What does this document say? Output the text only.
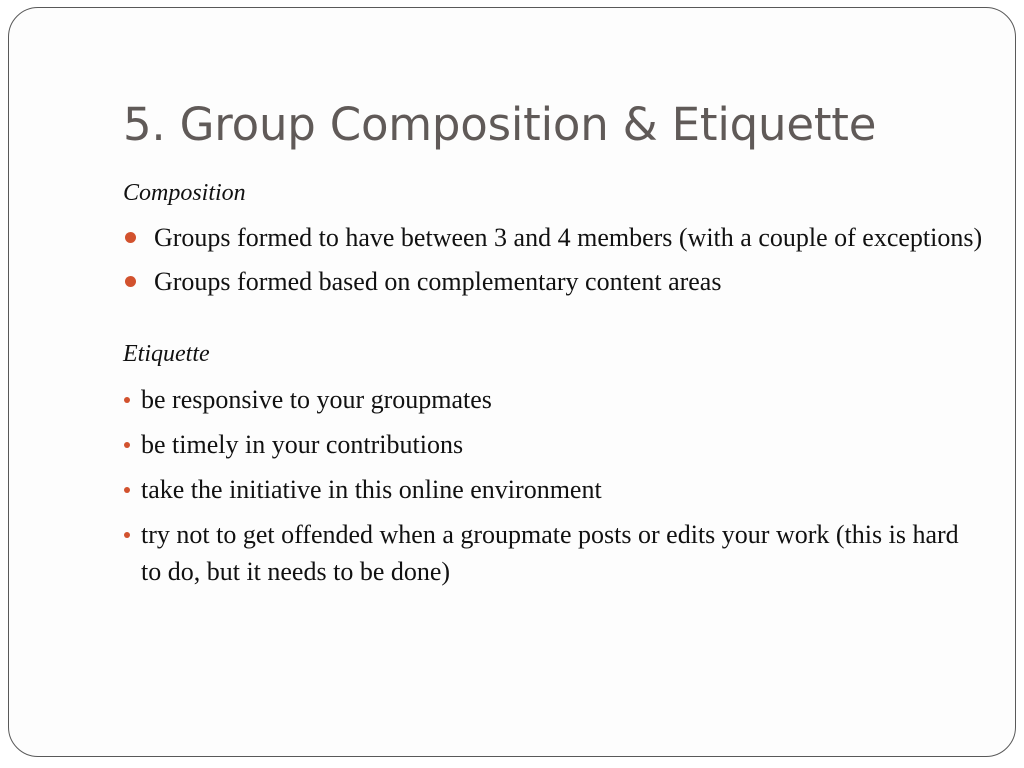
5. Group Composition & Etiquette

Composition

Groups formed to have between 3 and 4 members (with a couple of exceptions)
Groups formed based on complementary content areas

Etiquette

be responsive to your groupmates
be timely in your contributions
take the initiative in this online environment
try not to get offended when a groupmate posts or edits your work (this is hard to do, but it needs to be done)
